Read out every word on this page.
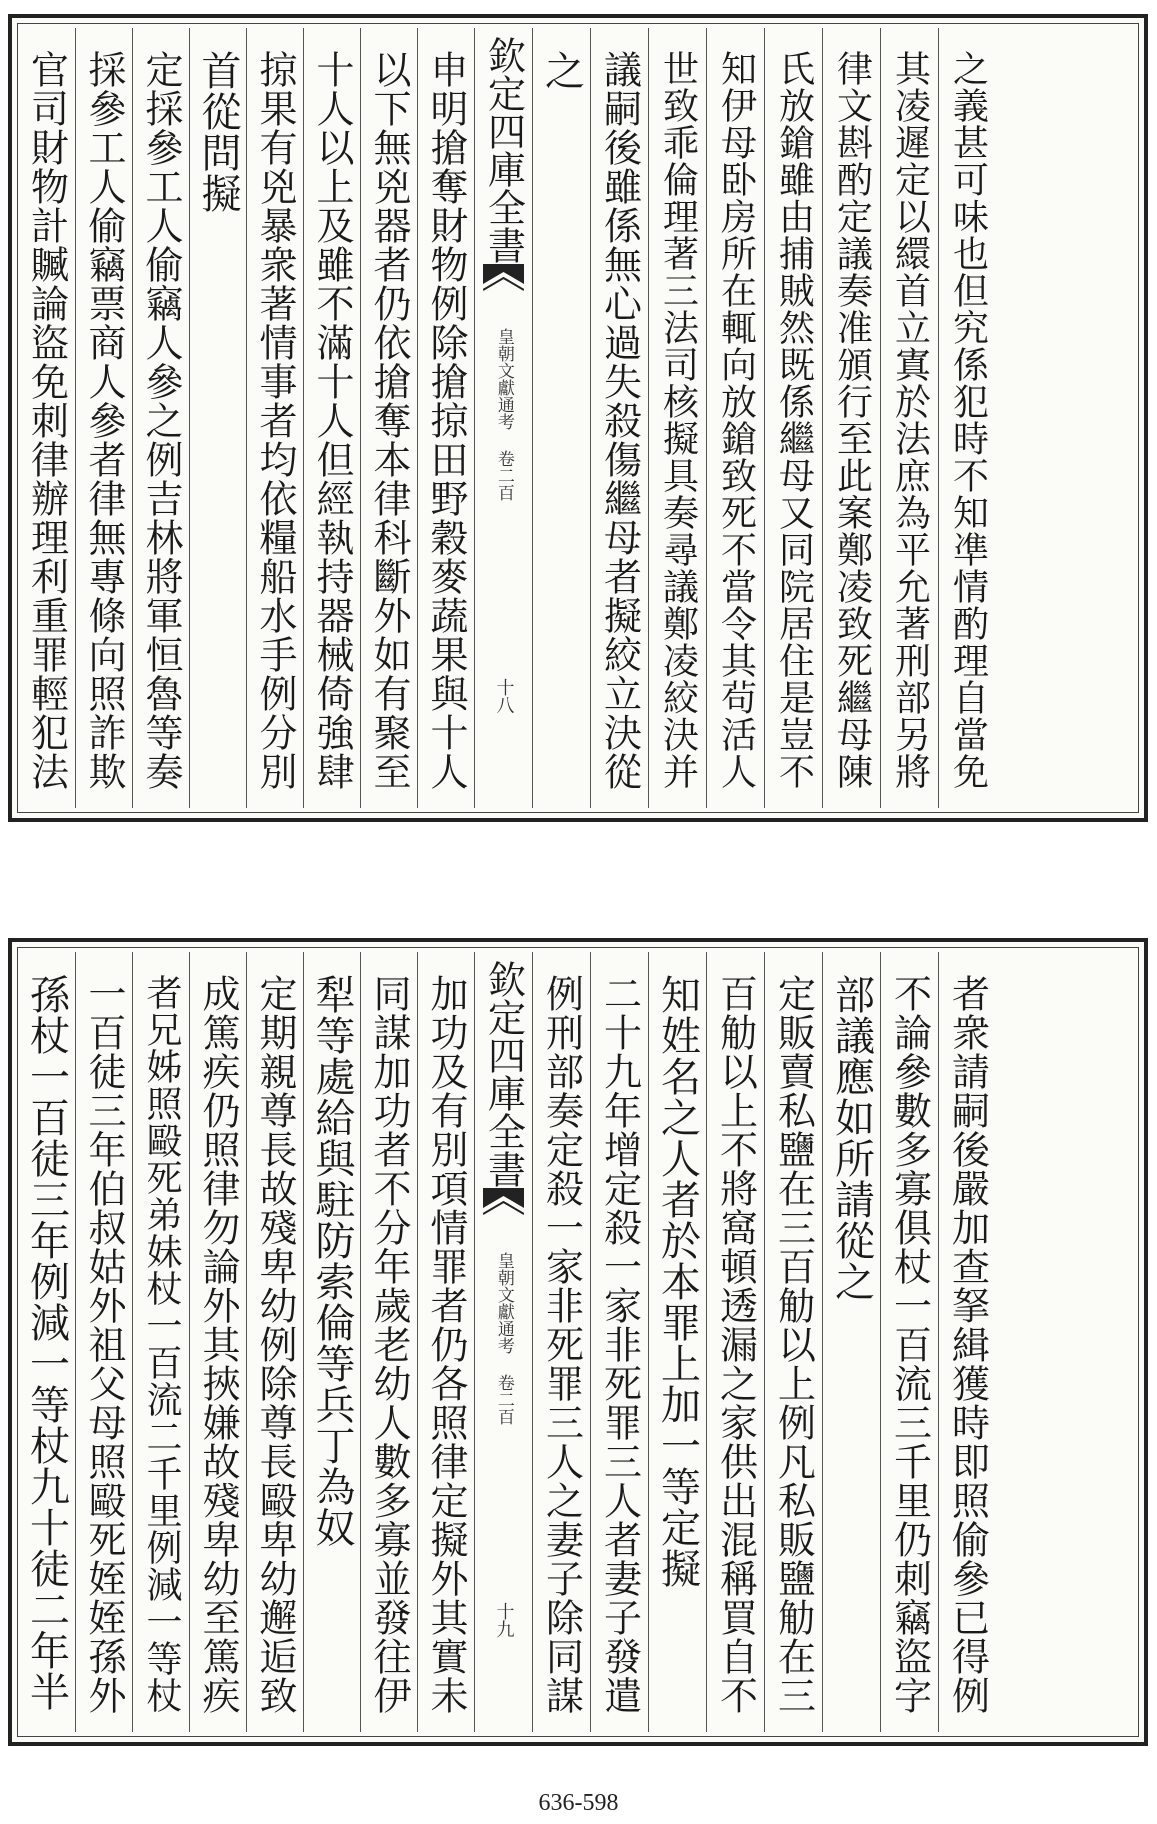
官司財物計贓論盜免刺律辦理利重罪輕犯法 採參工人偷竊票商人參者律無專條向照詐欺 定採參工人偷竊人參之例吉林將軍恒魯等奏 首從問擬 掠果有兇暴衆著情事者均依糧船水手例分別 十人以上及雖不滿十人但經執持器械倚強肆 以下無兇器者仍依搶奪本律科斷外如有聚至 申明搶奪財物例除搶掠田野穀麥蔬果與十人 欽定四庫全書
皇朝文獻通考 卷二百
十八
之 議嗣後雖係無心過失殺傷繼母者擬絞立決從 世致乖倫理著三法司核擬具奏尋議鄭凌絞決并 知伊母卧房所在輒向放鎗致死不當令其茍活人 氏放鎗雖由捕賊然既係繼母又同院居住是豈不 律文斟酌定議奏准頒行至此案鄭凌致死繼母陳 其凌遲定以繯首立寘於法庶為平允著刑部另將 之義甚可味也但究係犯時不知凖情酌理自當免
孫杖一百徒三年例減一等杖九十徒二年半 一百徒三年伯叔姑外祖父母照毆死姪姪孫外 者兄姊照毆死弟妹杖一百流二千里例減一等杖 成篤疾仍照律勿論外其挾嫌故殘卑幼至篤疾 定期親尊長故殘卑幼例除尊長毆卑幼邂逅致 犁等處給與駐防索倫等兵丁為奴 同謀加功者不分年歲老幼人數多寡並發往伊 加功及有別項情罪者仍各照律定擬外其實未 欽定四庫全書
皇朝文獻通考 卷二百
十九 例刑部奏定殺一家非死罪三人之妻子除同謀 二十九年增定殺一家非死罪三人者妻子發遣 知姓名之人者於本罪上加一等定擬 百觔以上不將窩頓透漏之家供出混稱買自不 定販賣私鹽在三百觔以上例凡私販鹽觔在三 部議應如所請從之 不論參數多寡俱杖一百流三千里仍刺竊盜字 者衆請嗣後嚴加查拏緝獲時即照偷參已得例
636-598
